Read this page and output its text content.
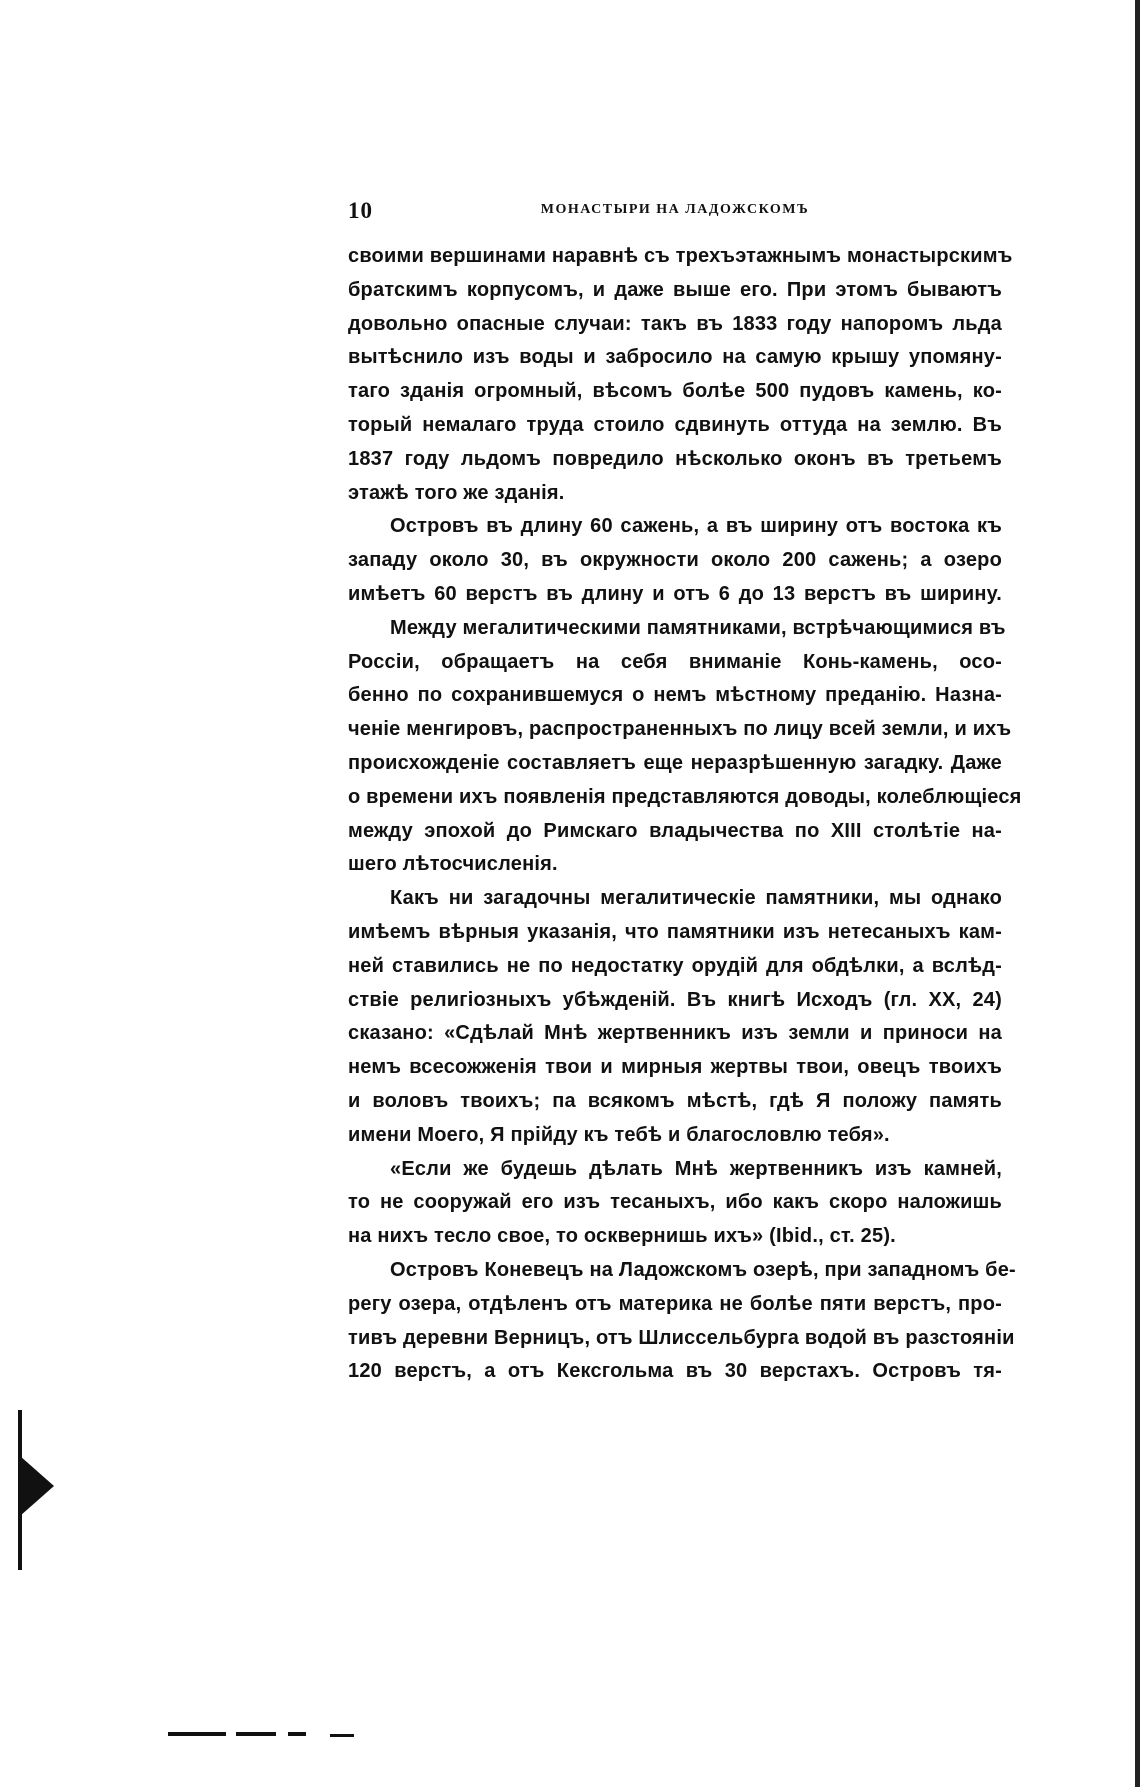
10	МОНАСТЫРИ НА ЛАДОЖСКОМЪ
своими вершинами наравнѣ съ трехъэтажнымъ монастырскимъ
братскимъ корпусомъ, и даже выше его. При этомъ бываютъ
довольно опасные случаи: такъ въ 1833 году напоромъ льда
вытѣснило изъ воды и забросило на самую крышу упомяну-
таго зданія огромный, вѣсомъ болѣе 500 пудовъ камень, ко-
торый немалаго труда стоило сдвинуть оттуда на землю. Въ
1837 году льдомъ повредило нѣсколько оконъ въ третьемъ
этажѣ того же зданія.
Островъ въ длину 60 сажень, а въ ширину отъ востока къ
западу около 30, въ окружности около 200 сажень; а озеро
имѣетъ 60 верстъ въ длину и отъ 6 до 13 верстъ въ ширину.
Между мегалитическими памятниками, встрѣчающимися въ
Россіи, обращаетъ на себя вниманіе Конь-камень, осо-
бенно по сохранившемуся о немъ мѣстному преданію. Назна-
ченіе менгировъ, распространенныхъ по лицу всей земли, и ихъ
происхожденіе составляетъ еще неразрѣшенную загадку. Даже
о времени ихъ появленія представляются доводы, колеблющіеся
между эпохой до Римскаго владычества по XIII столѣтіе на-
шего лѣтосчисленія.
Какъ ни загадочны мегалитическіе памятники, мы однако
имѣемъ вѣрныя указанія, что памятники изъ нетесаныхъ кам-
ней ставились не по недостатку орудій для обдѣлки, а вслѣд-
ствіе религіозныхъ убѣжденій. Въ книгѣ Исходъ (гл. XX, 24)
сказано: «Сдѣлай Мнѣ жертвенникъ изъ земли и приноси на
немъ всесожженія твои и мирныя жертвы твои, овецъ твоихъ
и воловъ твоихъ; па всякомъ мѣстѣ, гдѣ Я положу память
имени Моего, Я прійду къ тебѣ и благословлю тебя».
«Если же будешь дѣлать Мнѣ жертвенникъ изъ камней,
то не сооружай его изъ тесаныхъ, ибо какъ скоро наложишь
на нихъ тесло свое, то осквернишь ихъ» (Ibid., ст. 25).
Островъ Коневецъ на Ладожскомъ озерѣ, при западномъ бе-
регу озера, отдѣленъ отъ материка не болѣе пяти верстъ, про-
тивъ деревни Верницъ, отъ Шлиссельбурга водой въ разстояніи
120 верстъ, а отъ Кексгольма въ 30 верстахъ. Островъ тя-
